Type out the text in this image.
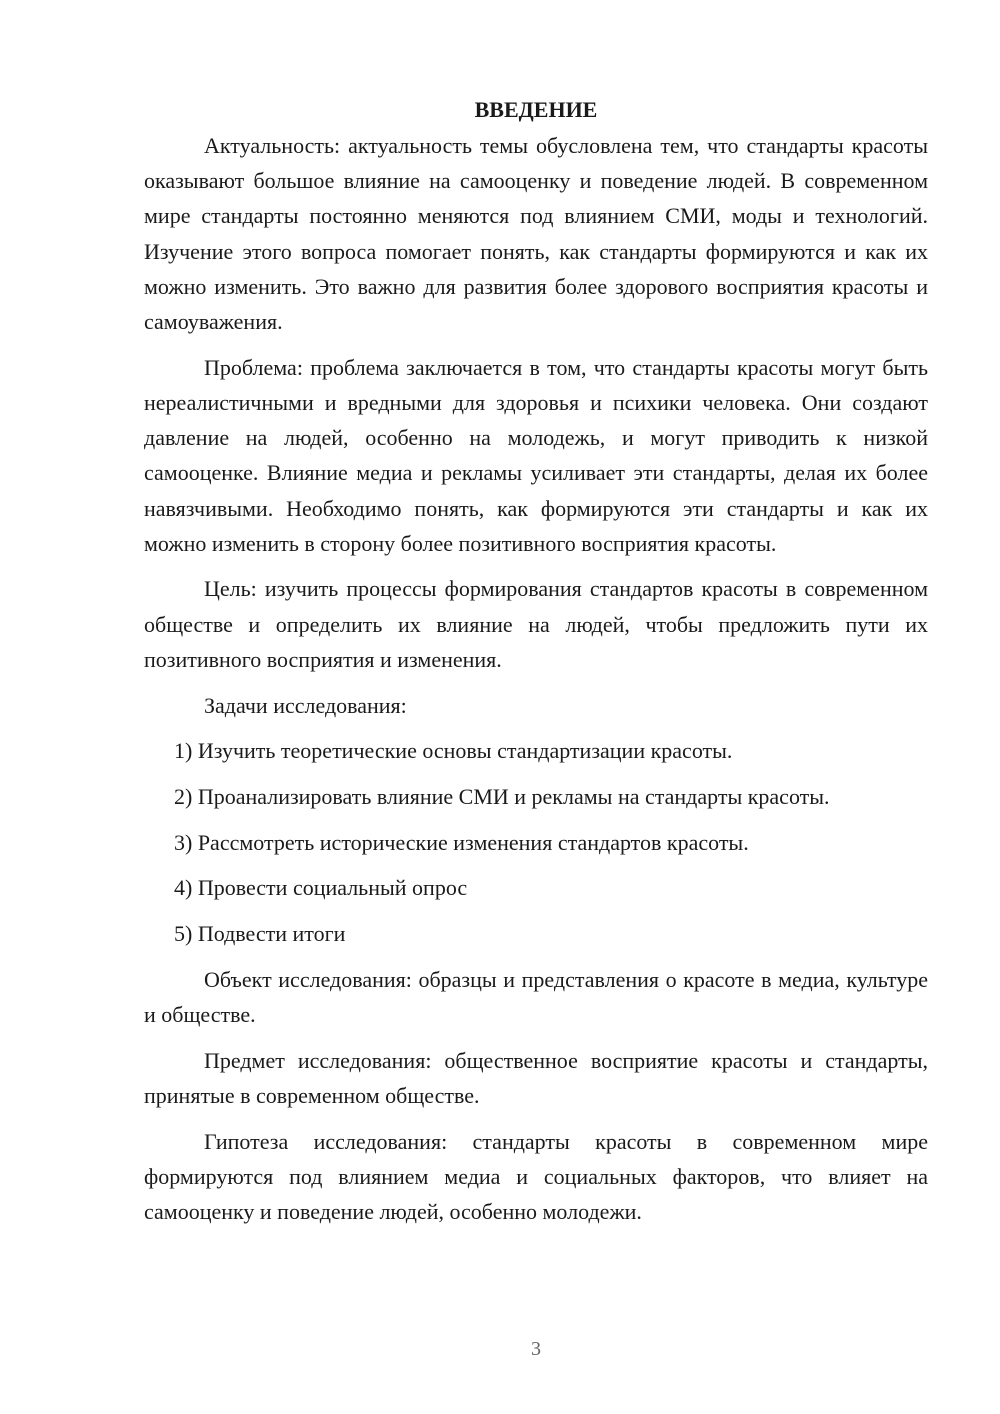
ВВЕДЕНИЕ

Актуальность: актуальность темы обусловлена тем, что стандарты красоты оказывают большое влияние на самооценку и поведение людей. В современном мире стандарты постоянно меняются под влиянием СМИ, моды и технологий. Изучение этого вопроса помогает понять, как стандарты формируются и как их можно изменить. Это важно для развития более здорового восприятия красоты и самоуважения.

Проблема: проблема заключается в том, что стандарты красоты могут быть нереалистичными и вредными для здоровья и психики человека. Они создают давление на людей, особенно на молодежь, и могут приводить к низкой самооценке. Влияние медиа и рекламы усиливает эти стандарты, делая их более навязчивыми. Необходимо понять, как формируются эти стандарты и как их можно изменить в сторону более позитивного восприятия красоты.

Цель: изучить процессы формирования стандартов красоты в современном обществе и определить их влияние на людей, чтобы предложить пути их позитивного восприятия и изменения.

Задачи исследования:

1) Изучить теоретические основы стандартизации красоты.
2) Проанализировать влияние СМИ и рекламы на стандарты красоты.
3) Рассмотреть исторические изменения стандартов красоты.
4) Провести социальный опрос
5) Подвести итоги

Объект исследования: образцы и представления о красоте в медиа, культуре и обществе.

Предмет исследования: общественное восприятие красоты и стандарты, принятые в современном обществе.

Гипотеза исследования: стандарты красоты в современном мире формируются под влиянием медиа и социальных факторов, что влияет на самооценку и поведение людей, особенно молодежи.

3
